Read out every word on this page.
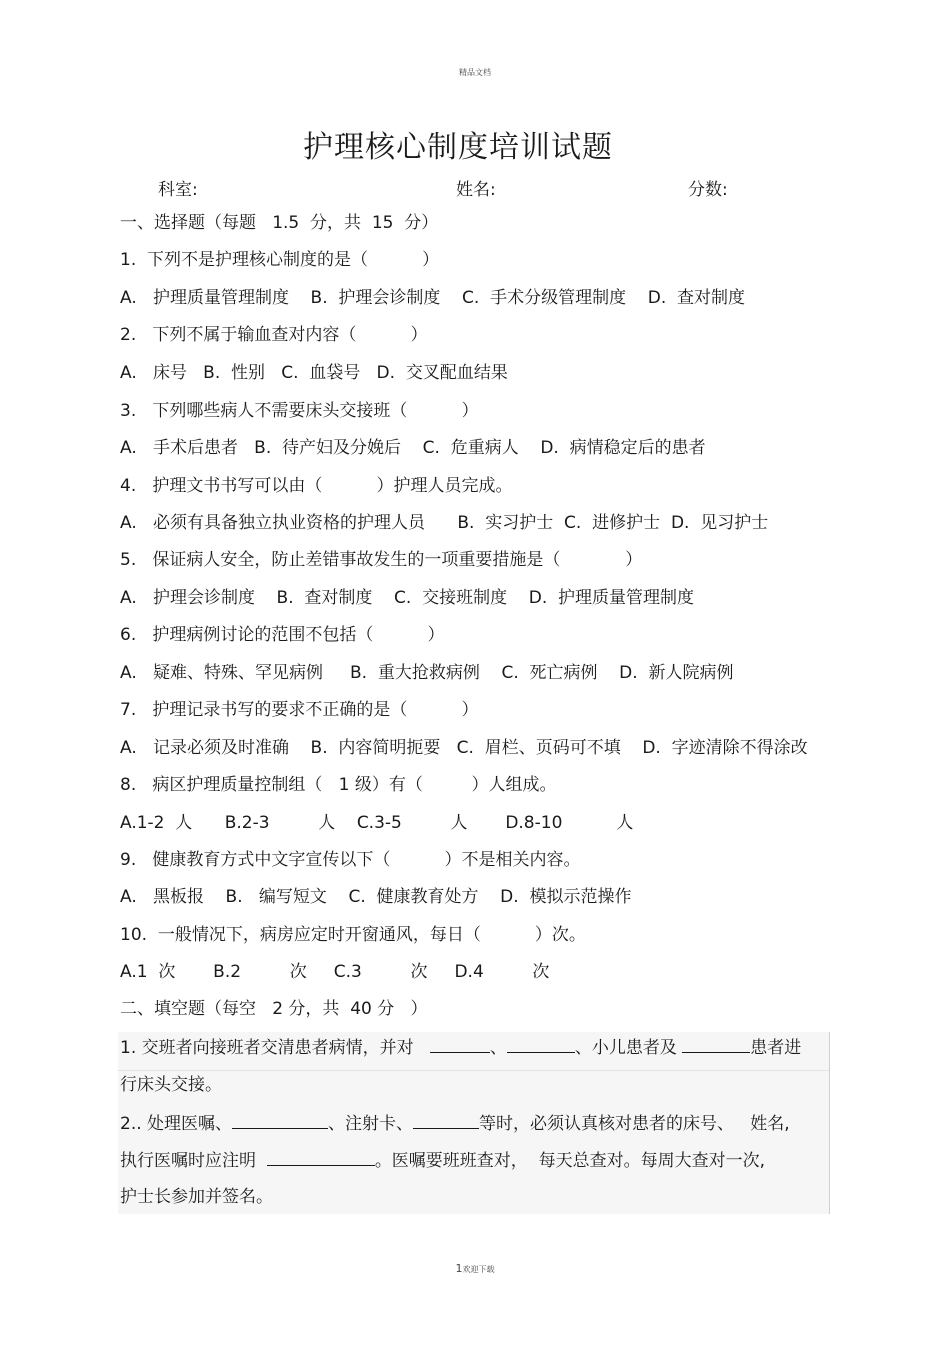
精品文档
护理核心制度培训试题
科室:	姓名:	分数:
一、选择题（每题   1.5  分，共  15  分）
1.  下列不是护理核心制度的是（          ）
A.   护理质量管理制度    B.  护理会诊制度    C.  手术分级管理制度    D.  查对制度
2.   下列不属于输血查对内容（          ）
A.   床号   B.  性别   C.  血袋号   D.  交叉配血结果
3.   下列哪些病人不需要床头交接班（          ）
A.   手术后患者   B.  待产妇及分娩后    C.  危重病人    D.  病情稳定后的患者
4.   护理文书书写可以由（          ）护理人员完成。
A.   必须有具备独立执业资格的护理人员      B.  实习护士  C.  进修护士  D.  见习护士
5.   保证病人安全，防止差错事故发生的一项重要措施是（            ）
A.   护理会诊制度    B.  查对制度    C.  交接班制度    D.  护理质量管理制度
6.   护理病例讨论的范围不包括（          ）
A.   疑难、特殊、罕见病例     B.  重大抢救病例    C.  死亡病例    D.  新人院病例
7.   护理记录书写的要求不正确的是（          ）
A.   记录必须及时准确    B.  内容简明扼要   C.  眉栏、页码可不填    D.  字迹清除不得涂改
8.   病区护理质量控制组（   1 级）有（         ）人组成。
A.1-2  人      B.2-3         人    C.3-5         人       D.8-10          人
9.   健康教育方式中文字宣传以下（          ）不是相关内容。
A.   黑板报    B.   编写短文    C.  健康教育处方    D.  模拟示范操作
10.  一般情况下，病房应定时开窗通风，每日（          ）次。
A.1  次       B.2         次     C.3         次     D.4         次
二、填空题（每空   2 分，共  40 分   ）
1. 交班者向接班者交清患者病情，并对	、	、小儿患者及	患者进
行床头交接。
2.. 处理医嘱、	、注射卡、	等时，必须认真核对患者的床号、   姓名,
执行医嘱时应注明	。医嘱要班班查对，  每天总查对。每周大查对一次,
护士长参加并签名。
1欢迎下载
